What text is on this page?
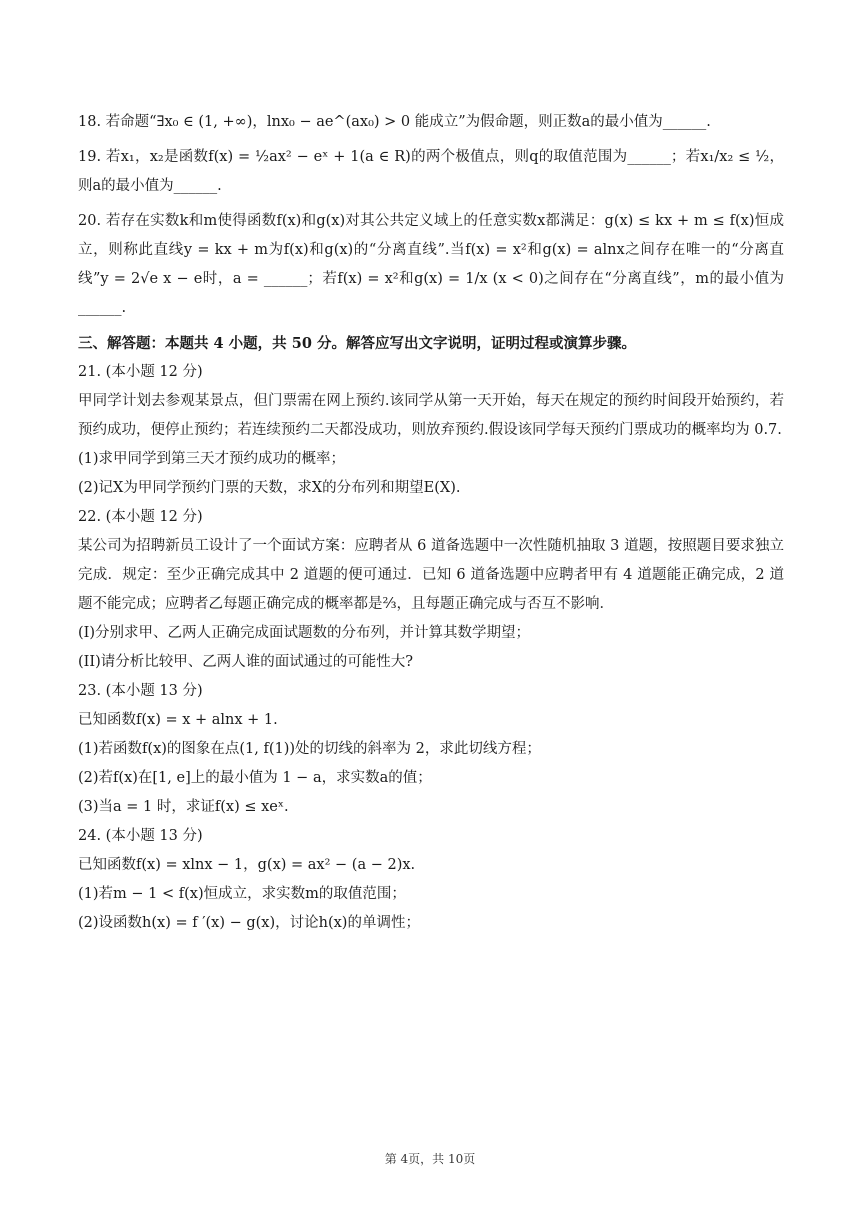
18. 若命题“∃x₀ ∈ (1, +∞)，lnx₀ − ae^(ax₀) > 0 能成立”为假命题，则正数a的最小值为______.

19. 若x₁，x₂是函数f(x) = ½ax² − eˣ + 1(a ∈ R)的两个极值点，则q的取值范围为______；若x₁/x₂ ≤ ½，则a的最小值为______.

20. 若存在实数k和m使得函数f(x)和g(x)对其公共定义域上的任意实数x都满足：g(x) ≤ kx + m ≤ f(x)恒成立，则称此直线y = kx + m为f(x)和g(x)的“分离直线”.当f(x) = x²和g(x) = alnx之间存在唯一的“分离直线”y = 2√e x − e时，a = ______；若f(x) = x²和g(x) = 1/x (x < 0)之间存在“分离直线”，m的最小值为______.

三、解答题：本题共 4 小题，共 50 分。解答应写出文字说明，证明过程或演算步骤。

21. (本小题 12 分)

甲同学计划去参观某景点，但门票需在网上预约.该同学从第一天开始，每天在规定的预约时间段开始预约，若预约成功，便停止预约；若连续预约二天都没成功，则放弃预约.假设该同学每天预约门票成功的概率均为 0.7.

(1)求甲同学到第三天才预约成功的概率；

(2)记X为甲同学预约门票的天数，求X的分布列和期望E(X).

22. (本小题 12 分)

某公司为招聘新员工设计了一个面试方案：应聘者从 6 道备选题中一次性随机抽取 3 道题，按照题目要求独立完成．规定：至少正确完成其中 2 道题的便可通过．已知 6 道备选题中应聘者甲有 4 道题能正确完成，2 道题不能完成；应聘者乙每题正确完成的概率都是⅔，且每题正确完成与否互不影响．

(I)分别求甲、乙两人正确完成面试题数的分布列，并计算其数学期望；

(II)请分析比较甲、乙两人谁的面试通过的可能性大?

23. (本小题 13 分)

已知函数f(x) = x + alnx + 1.

(1)若函数f(x)的图象在点(1, f(1))处的切线的斜率为 2，求此切线方程；

(2)若f(x)在[1, e]上的最小值为 1 − a，求实数a的值；

(3)当a = 1 时，求证f(x) ≤ xeˣ.

24. (本小题 13 分)

已知函数f(x) = xlnx − 1，g(x) = ax² − (a − 2)x.

(1)若m − 1 < f(x)恒成立，求实数m的取值范围；

(2)设函数h(x) = f ′(x) − g(x)，讨论h(x)的单调性；

第 4页，共 10页
